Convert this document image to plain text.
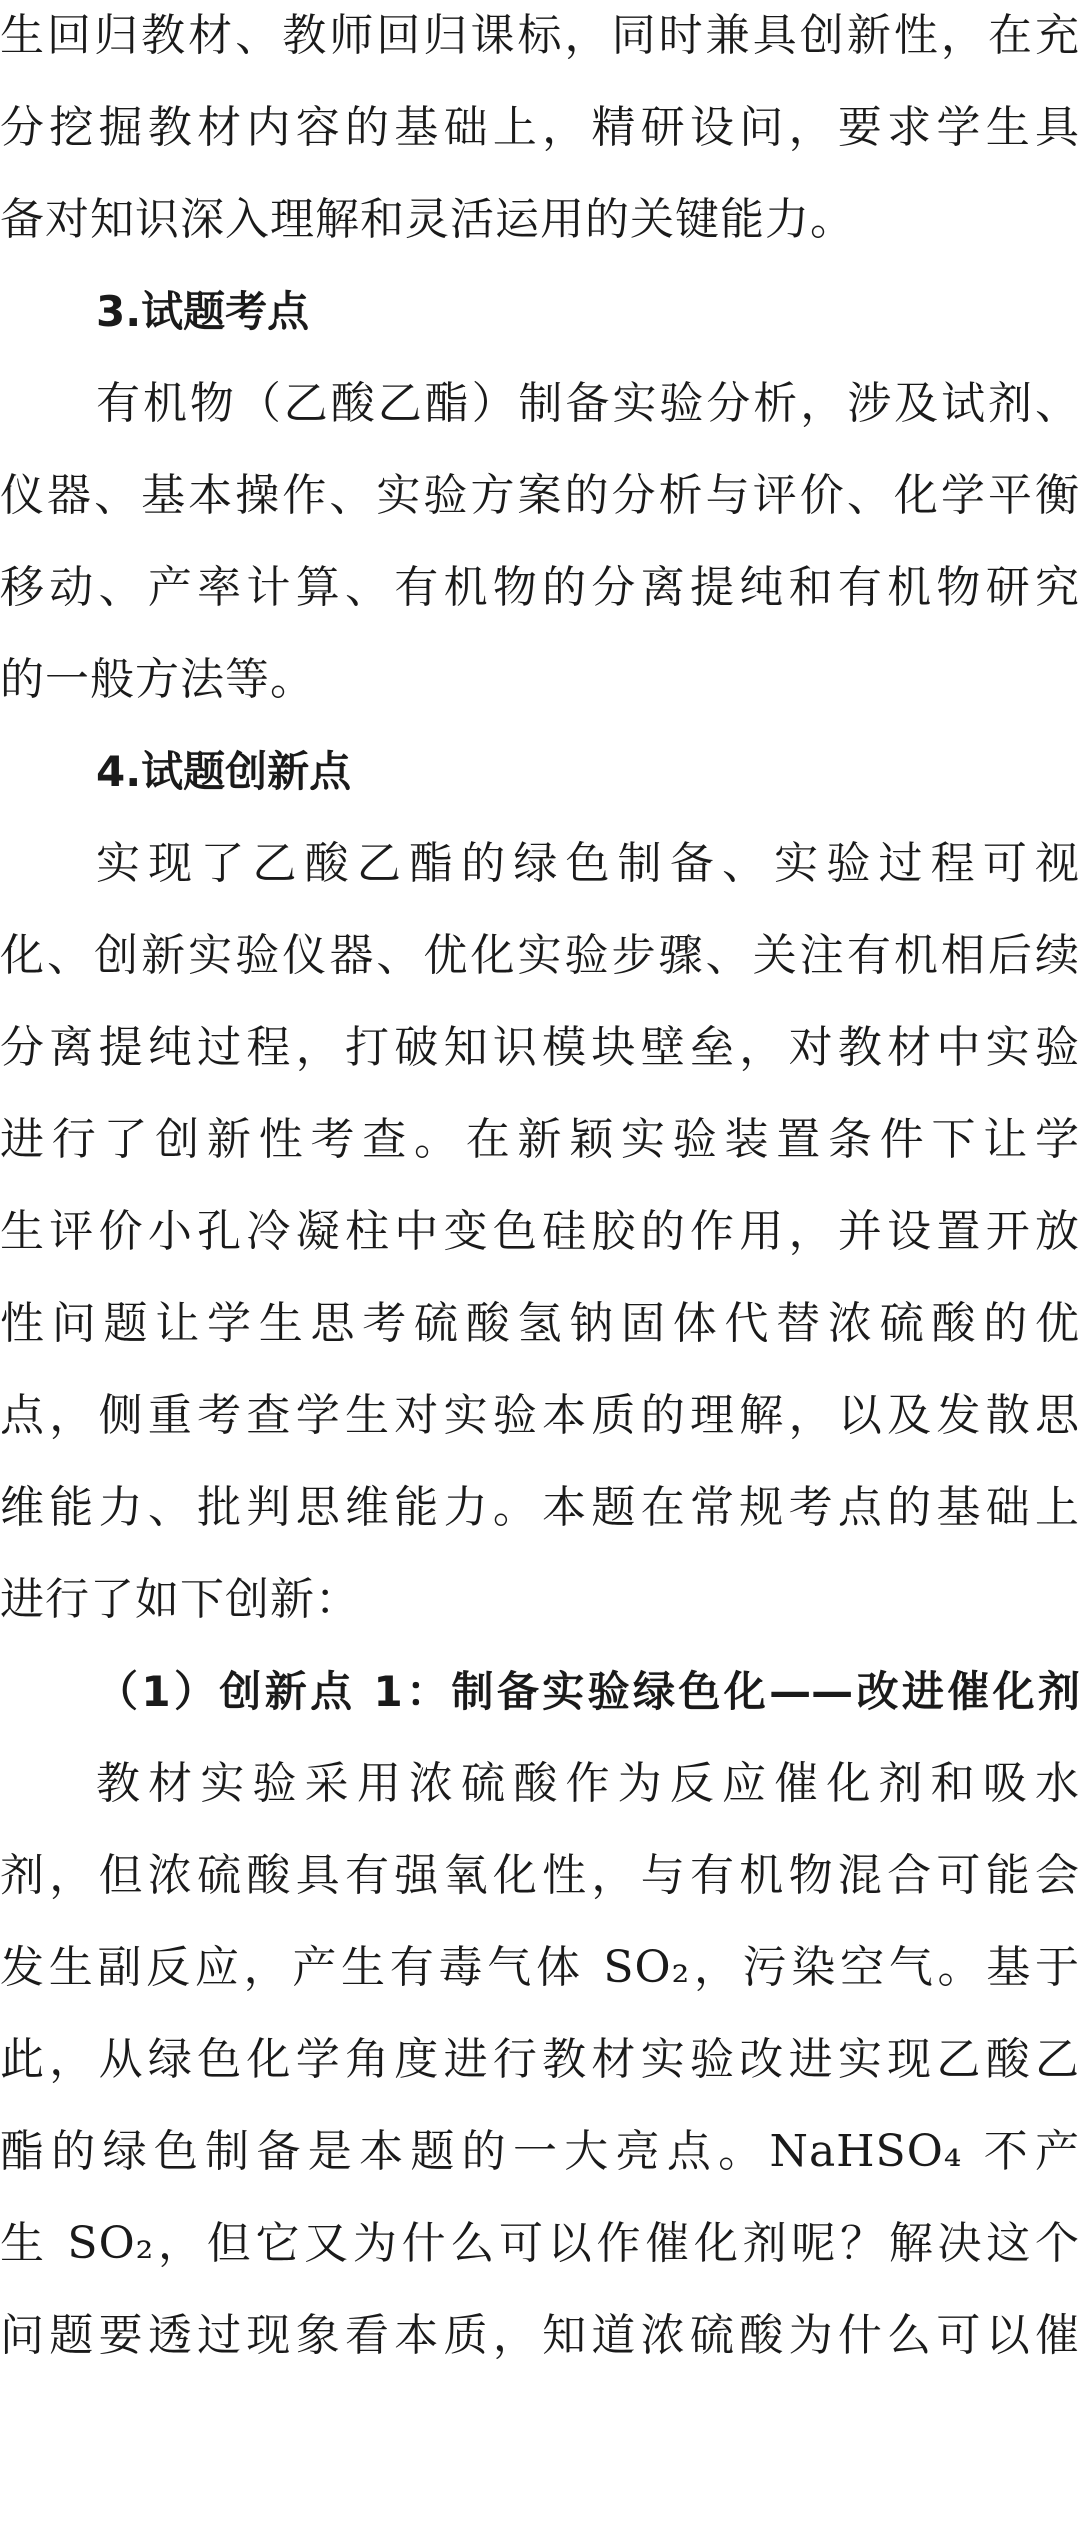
生回归教材、教师回归课标，同时兼具创新性，在充
分挖掘教材内容的基础上，精研设问，要求学生具
备对知识深入理解和灵活运用的关键能力。
3.试题考点
有机物（乙酸乙酯）制备实验分析，涉及试剂、
仪器、基本操作、实验方案的分析与评价、化学平衡
移动、产率计算、有机物的分离提纯和有机物研究
的一般方法等。
4.试题创新点
实现了乙酸乙酯的绿色制备、实验过程可视
化、创新实验仪器、优化实验步骤、关注有机相后续
分离提纯过程，打破知识模块壁垒，对教材中实验
进行了创新性考查。在新颖实验装置条件下让学
生评价小孔冷凝柱中变色硅胶的作用，并设置开放
性问题让学生思考硫酸氢钠固体代替浓硫酸的优
点，侧重考查学生对实验本质的理解，以及发散思
维能力、批判思维能力。本题在常规考点的基础上
进行了如下创新：
（1）创新点 1：制备实验绿色化——改进催化剂
教材实验采用浓硫酸作为反应催化剂和吸水
剂，但浓硫酸具有强氧化性，与有机物混合可能会
发生副反应，产生有毒气体 SO₂，污染空气。基于
此，从绿色化学角度进行教材实验改进实现乙酸乙
酯的绿色制备是本题的一大亮点。NaHSO₄ 不产
生 SO₂，但它又为什么可以作催化剂呢？解决这个
问题要透过现象看本质，知道浓硫酸为什么可以催
